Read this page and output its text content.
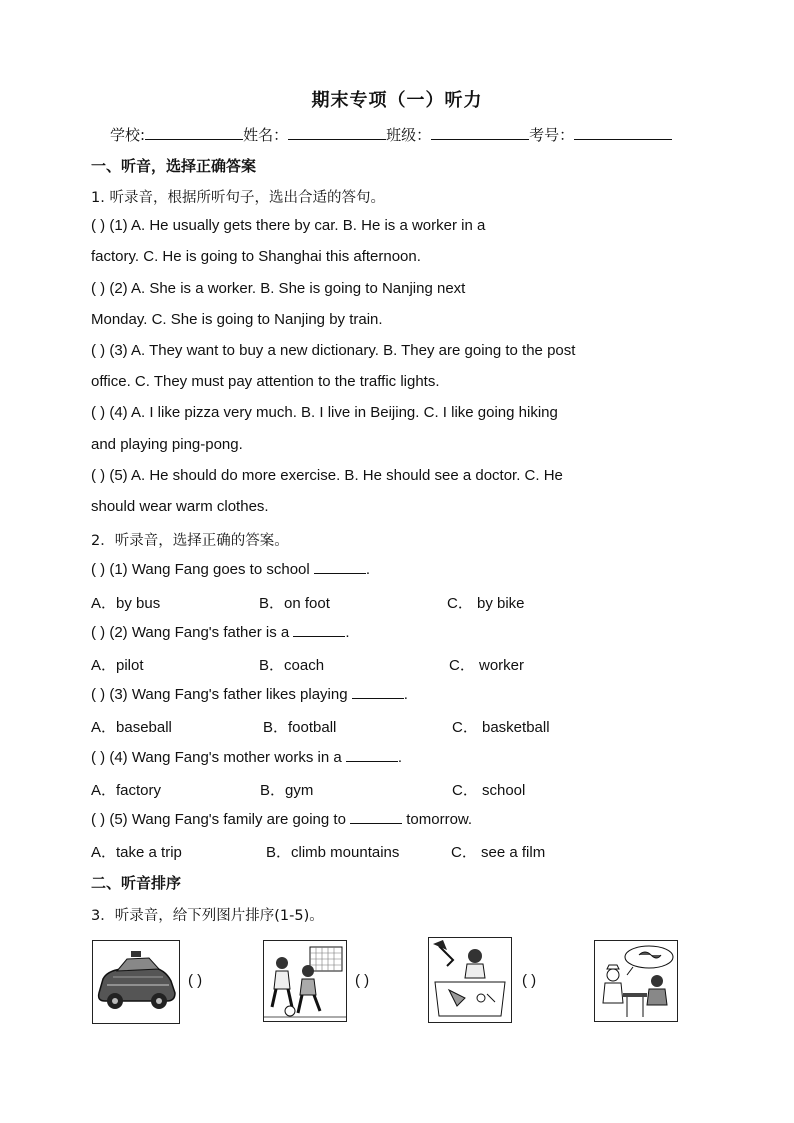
期末专项（一）听力
学校:	姓名：	班级：	考号：
一、听音，选择正确答案
1. 听录音，根据所听句子，选出合适的答句。
( ) (1) A. He usually gets there by car. B. He is a worker in a
factory. C. He is going to Shanghai this afternoon.
( ) (2) A. She is a worker. B. She is going to Nanjing next
Monday. C. She is going to Nanjing by train.
( ) (3) A. They want to buy a new dictionary. B. They are going to the post
office. C. They must pay attention to the traffic lights.
( ) (4) A. I like pizza very much. B. I live in Beijing. C. I like going hiking
and playing ping-pong.
( ) (5) A. He should do more exercise. B. He should see a doctor. C. He
should wear warm clothes.
2．听录音，选择正确的答案。
( ) (1) Wang Fang goes to school	.
A．by bus	B．on foot	C． by bike
( ) (2) Wang Fang's father is a	.
A．pilot	B．coach	C． worker
( ) (3) Wang Fang's father likes playing	.
A．baseball	B．football	C． basketball
( ) (4) Wang Fang's mother works in a	.
A．factory	B．gym	C． school
( ) (5) Wang Fang's family are going to	tomorrow.
A．take a trip	B．climb mountains	C． see a film
二、听音排序
3．听录音，给下列图片排序(1-5)。
( )	( )	( )
